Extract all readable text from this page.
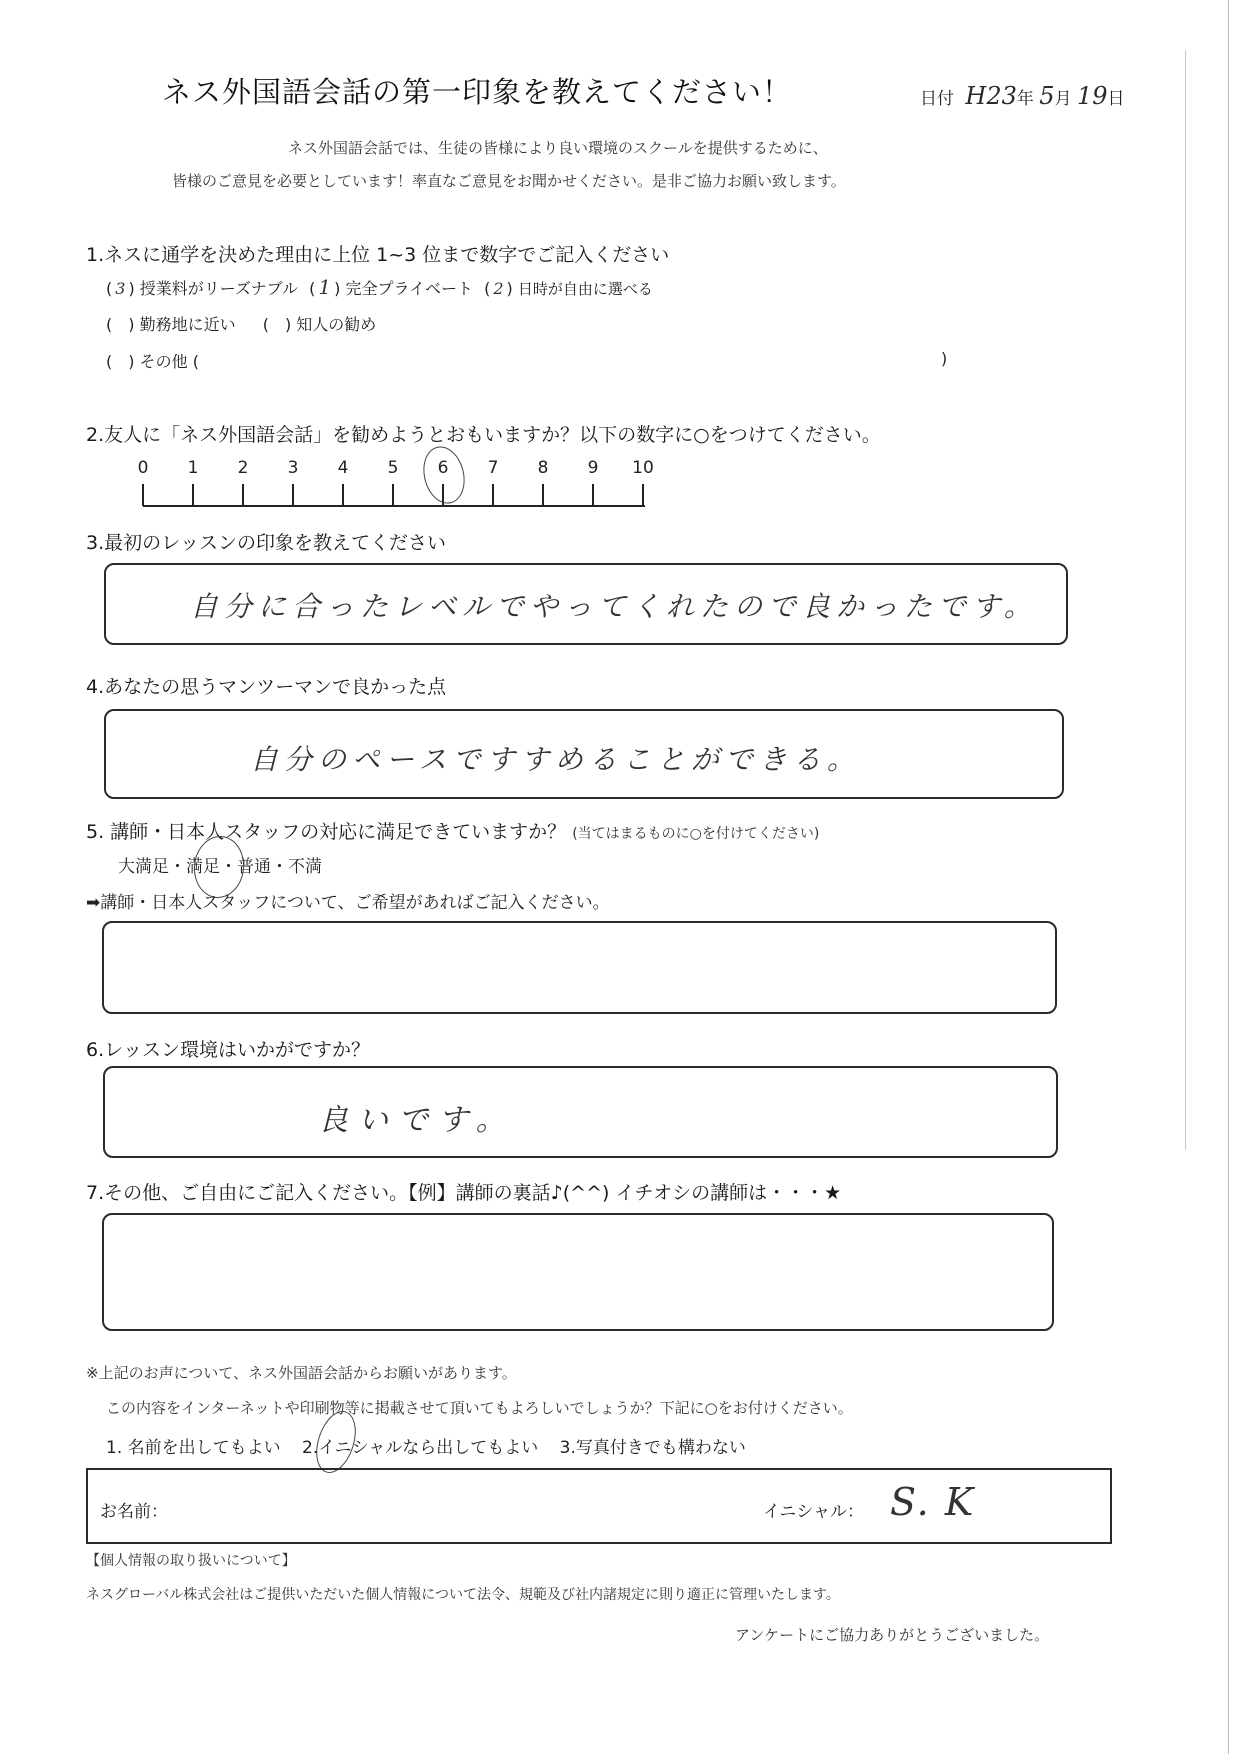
ネス外国語会話の第一印象を教えてください！	日付 H23年 5月 19日
ネス外国語会話では、生徒の皆様により良い環境のスクールを提供するために、
皆様のご意見を必要としています！率直なご意見をお聞かせください。是非ご協力お願い致します。
1.ネスに通学を決めた理由に上位 1~3 位まで数字でご記入ください
( 3 ) 授業料がリーズナブル ( 1 ) 完全プライベート ( 2 ) 日時が自由に選べる
( ) 勤務地に近い ( ) 知人の勧め
( ) その他 (	)
2.友人に「ネス外国語会話」を勧めようとおもいますか？以下の数字に○をつけてください。
0	1	2	3	4	5	6	7	8	9	10
3.最初のレッスンの印象を教えてください
自分に合ったレベルでやってくれたので良かったです。
4.あなたの思うマンツーマンで良かった点
自分のペースですすめることができる。
5. 講師・日本人スタッフの対応に満足できていますか？ (当てはまるものに○を付けてください)
大満足・満足・普通・不満
➡講師・日本人スタッフについて、ご希望があればご記入ください。
6.レッスン環境はいかがですか？
良いです。
7.その他、ご自由にご記入ください。【例】講師の裏話♪(^^) イチオシの講師は・・・★
※上記のお声について、ネス外国語会話からお願いがあります。
この内容をインターネットや印刷物等に掲載させて頂いてもよろしいでしょうか？下記に○をお付けください。
1. 名前を出してもよい 2.イニシャルなら出してもよい 3.写真付きでも構わない
お名前：	イニシャル： S. K
【個人情報の取り扱いについて】
ネスグローバル株式会社はご提供いただいた個人情報について法令、規範及び社内諸規定に則り適正に管理いたします。
アンケートにご協力ありがとうございました。
